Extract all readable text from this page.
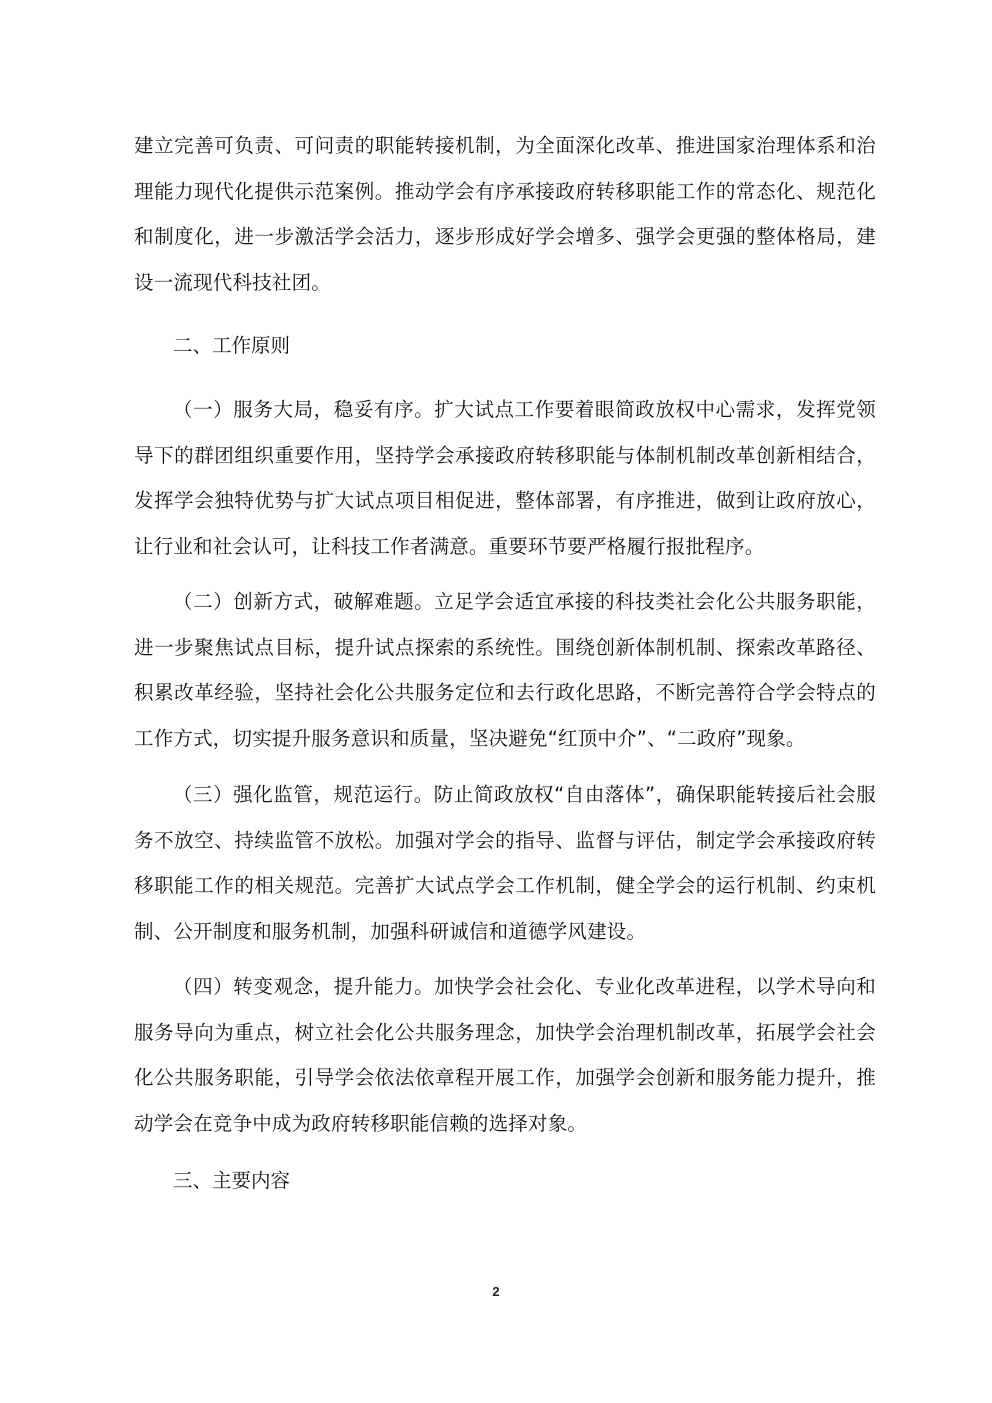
建立完善可负责、可问责的职能转接机制，为全面深化改革、推进国家治理体系和治理能力现代化提供示范案例。推动学会有序承接政府转移职能工作的常态化、规范化和制度化，进一步激活学会活力，逐步形成好学会增多、强学会更强的整体格局，建设一流现代科技社团。

二、工作原则

（一）服务大局，稳妥有序。扩大试点工作要着眼简政放权中心需求，发挥党领导下的群团组织重要作用，坚持学会承接政府转移职能与体制机制改革创新相结合，发挥学会独特优势与扩大试点项目相促进，整体部署，有序推进，做到让政府放心，让行业和社会认可，让科技工作者满意。重要环节要严格履行报批程序。

（二）创新方式，破解难题。立足学会适宜承接的科技类社会化公共服务职能，进一步聚焦试点目标，提升试点探索的系统性。围绕创新体制机制、探索改革路径、积累改革经验，坚持社会化公共服务定位和去行政化思路，不断完善符合学会特点的工作方式，切实提升服务意识和质量，坚决避免“红顶中介”、“二政府”现象。

（三）强化监管，规范运行。防止简政放权“自由落体”，确保职能转接后社会服务不放空、持续监管不放松。加强对学会的指导、监督与评估，制定学会承接政府转移职能工作的相关规范。完善扩大试点学会工作机制，健全学会的运行机制、约束机制、公开制度和服务机制，加强科研诚信和道德学风建设。

（四）转变观念，提升能力。加快学会社会化、专业化改革进程，以学术导向和服务导向为重点，树立社会化公共服务理念，加快学会治理机制改革，拓展学会社会化公共服务职能，引导学会依法依章程开展工作，加强学会创新和服务能力提升，推动学会在竞争中成为政府转移职能信赖的选择对象。

三、主要内容

2
